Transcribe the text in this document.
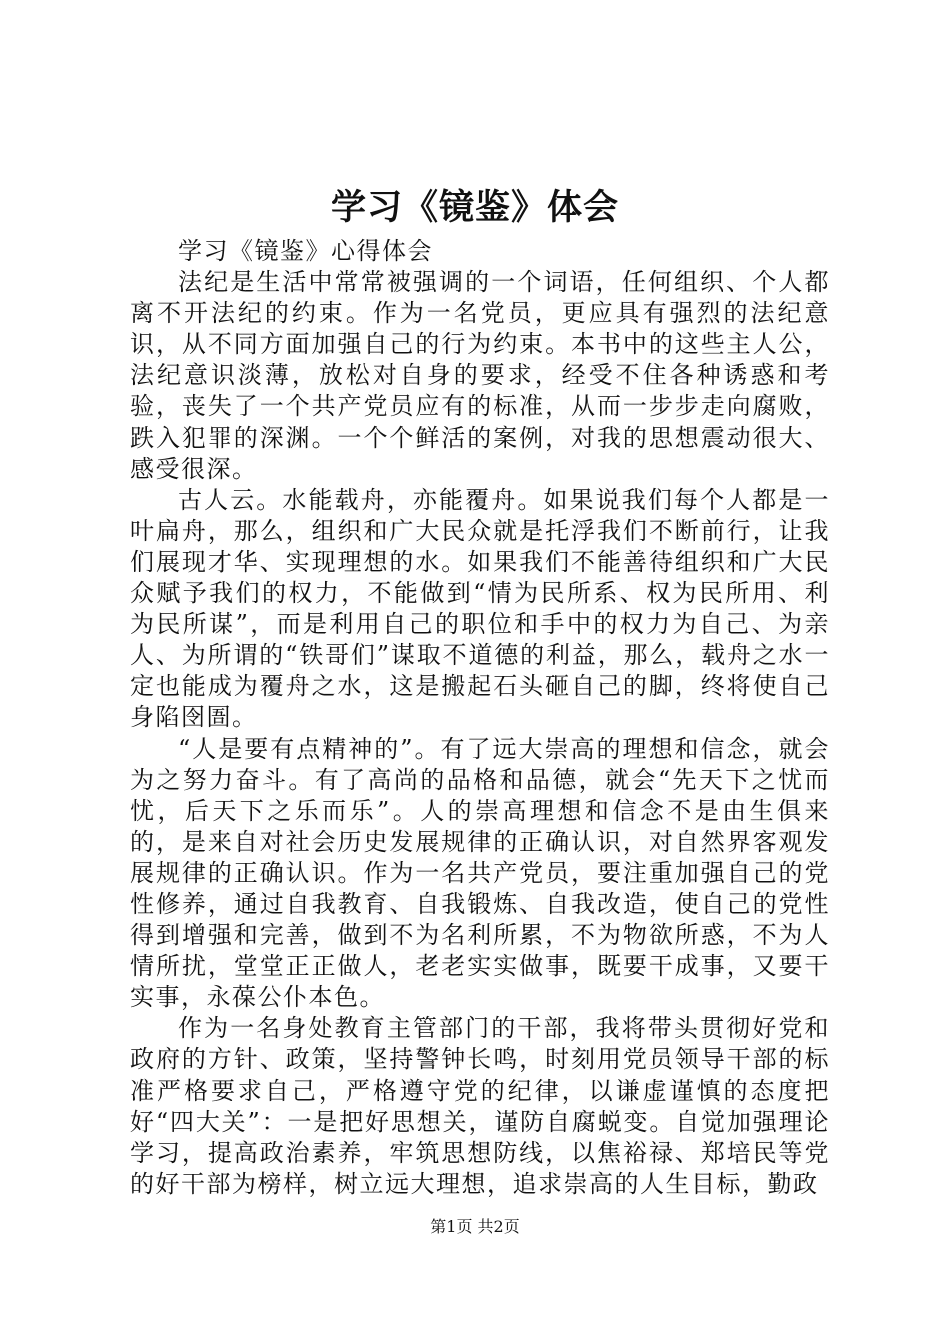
学习《镜鉴》体会

学习《镜鉴》心得体会

法纪是生活中常常被强调的一个词语，任何组织、个人都离不开法纪的约束。作为一名党员，更应具有强烈的法纪意识，从不同方面加强自己的行为约束。本书中的这些主人公，法纪意识淡薄，放松对自身的要求，经受不住各种诱惑和考验，丧失了一个共产党员应有的标准，从而一步步走向腐败，跌入犯罪的深渊。一个个鲜活的案例，对我的思想震动很大、感受很深。

古人云。水能载舟，亦能覆舟。如果说我们每个人都是一叶扁舟，那么，组织和广大民众就是托浮我们不断前行，让我们展现才华、实现理想的水。如果我们不能善待组织和广大民众赋予我们的权力，不能做到“情为民所系、权为民所用、利为民所谋”，而是利用自己的职位和手中的权力为自己、为亲人、为所谓的“铁哥们”谋取不道德的利益，那么，载舟之水一定也能成为覆舟之水，这是搬起石头砸自己的脚，终将使自己身陷囹圄。

“人是要有点精神的”。有了远大崇高的理想和信念，就会为之努力奋斗。有了高尚的品格和品德，就会“先天下之忧而忧，后天下之乐而乐”。人的崇高理想和信念不是由生俱来的，是来自对社会历史发展规律的正确认识，对自然界客观发展规律的正确认识。作为一名共产党员，要注重加强自己的党性修养，通过自我教育、自我锻炼、自我改造，使自己的党性得到增强和完善，做到不为名利所累，不为物欲所惑，不为人情所扰，堂堂正正做人，老老实实做事，既要干成事，又要干实事，永葆公仆本色。

作为一名身处教育主管部门的干部，我将带头贯彻好党和政府的方针、政策，坚持警钟长鸣，时刻用党员领导干部的标准严格要求自己，严格遵守党的纪律，以谦虚谨慎的态度把好“四大关”：一是把好思想关，谨防自腐蜕变。自觉加强理论学习，提高政治素养，牢筑思想防线，以焦裕禄、郑培民等党的好干部为榜样，树立远大理想，追求崇高的人生目标，勤政

第1页 共2页
